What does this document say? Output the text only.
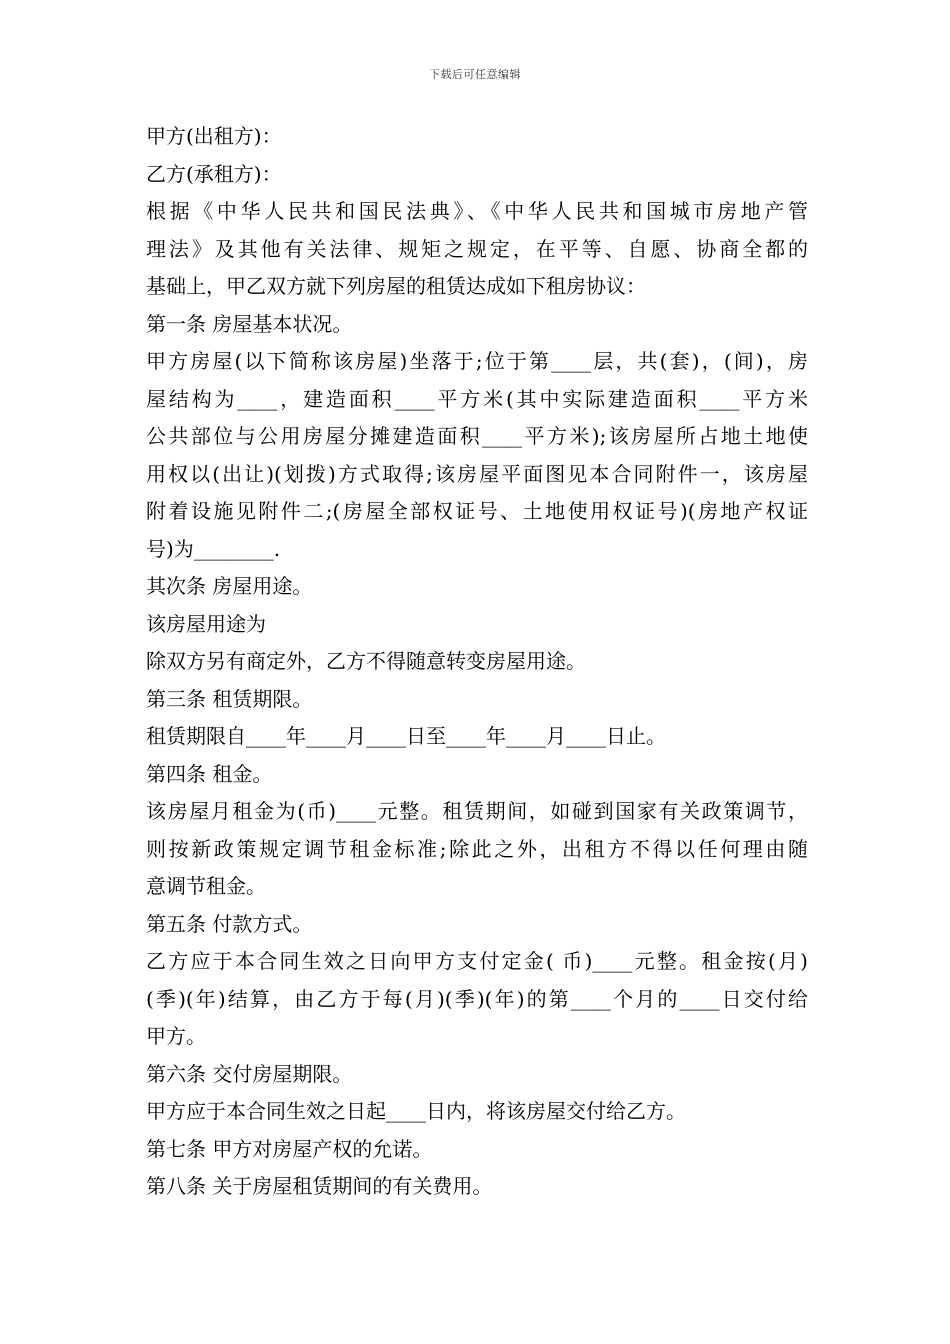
下载后可任意编辑
甲方(出租方)：
乙方(承租方)：
根据《中华人民共和国民法典》、《中华人民共和国城市房地产管
理法》及其他有关法律、规矩之规定，在平等、自愿、协商全都的
基础上，甲乙双方就下列房屋的租赁达成如下租房协议：
第一条 房屋基本状况。
甲方房屋(以下简称该房屋)坐落于;位于第____层，共(套)，(间)，房
屋结构为____，建造面积____平方米(其中实际建造面积____平方米
公共部位与公用房屋分摊建造面积____平方米);该房屋所占地土地使
用权以(出让)(划拨)方式取得;该房屋平面图见本合同附件一，该房屋
附着设施见附件二;(房屋全部权证号、土地使用权证号)(房地产权证
号)为________.
其次条 房屋用途。
该房屋用途为
除双方另有商定外，乙方不得随意转变房屋用途。
第三条 租赁期限。
租赁期限自____年____月____日至____年____月____日止。
第四条 租金。
该房屋月租金为(币)____元整。租赁期间，如碰到国家有关政策调节，
则按新政策规定调节租金标准;除此之外，出租方不得以任何理由随
意调节租金。
第五条 付款方式。
乙方应于本合同生效之日向甲方支付定金( 币)____元整。租金按(月)
(季)(年)结算，由乙方于每(月)(季)(年)的第____个月的____日交付给
甲方。
第六条 交付房屋期限。
甲方应于本合同生效之日起____日内，将该房屋交付给乙方。
第七条 甲方对房屋产权的允诺。
第八条 关于房屋租赁期间的有关费用。
